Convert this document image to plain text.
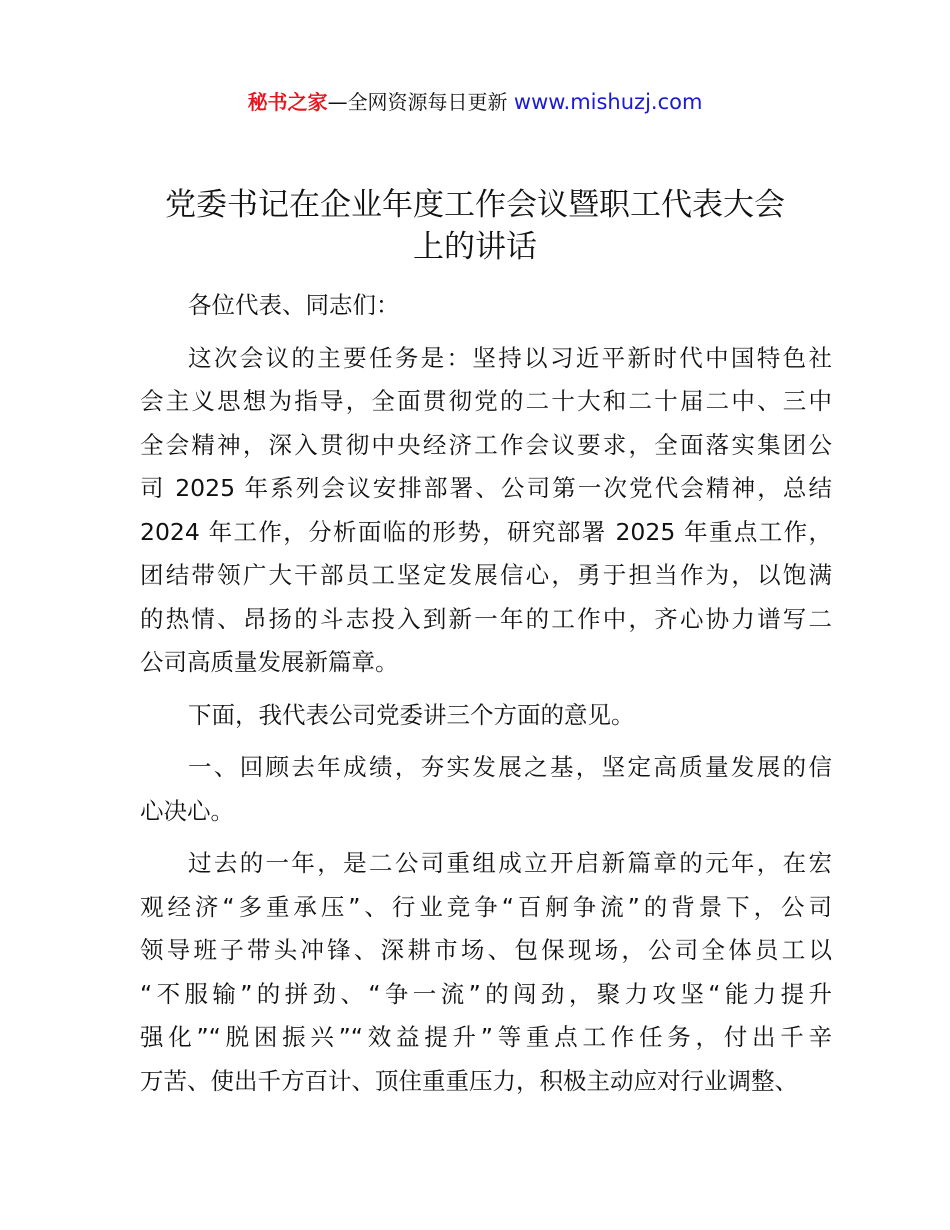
秘书之家—全网资源每日更新 www.mishuzj.com
党委书记在企业年度工作会议暨职工代表大会
上的讲话
各位代表、同志们：
这次会议的主要任务是：坚持以习近平新时代中国特色社
会主义思想为指导，全面贯彻党的二十大和二十届二中、三中
全会精神，深入贯彻中央经济工作会议要求，全面落实集团公
司 2025 年系列会议安排部署、公司第一次党代会精神，总结
2024 年工作，分析面临的形势，研究部署 2025 年重点工作，
团结带领广大干部员工坚定发展信心，勇于担当作为，以饱满
的热情、昂扬的斗志投入到新一年的工作中，齐心协力谱写二
公司高质量发展新篇章。
下面，我代表公司党委讲三个方面的意见。
一、回顾去年成绩，夯实发展之基，坚定高质量发展的信
心决心。
过去的一年，是二公司重组成立开启新篇章的元年，在宏
观经济“多重承压”、行业竞争“百舸争流”的背景下，公司
领导班子带头冲锋、深耕市场、包保现场，公司全体员工以
“不服输”的拼劲、“争一流”的闯劲，聚力攻坚“能力提升
强化”“脱困振兴”“效益提升”等重点工作任务，付出千辛
万苦、使出千方百计、顶住重重压力，积极主动应对行业调整、
